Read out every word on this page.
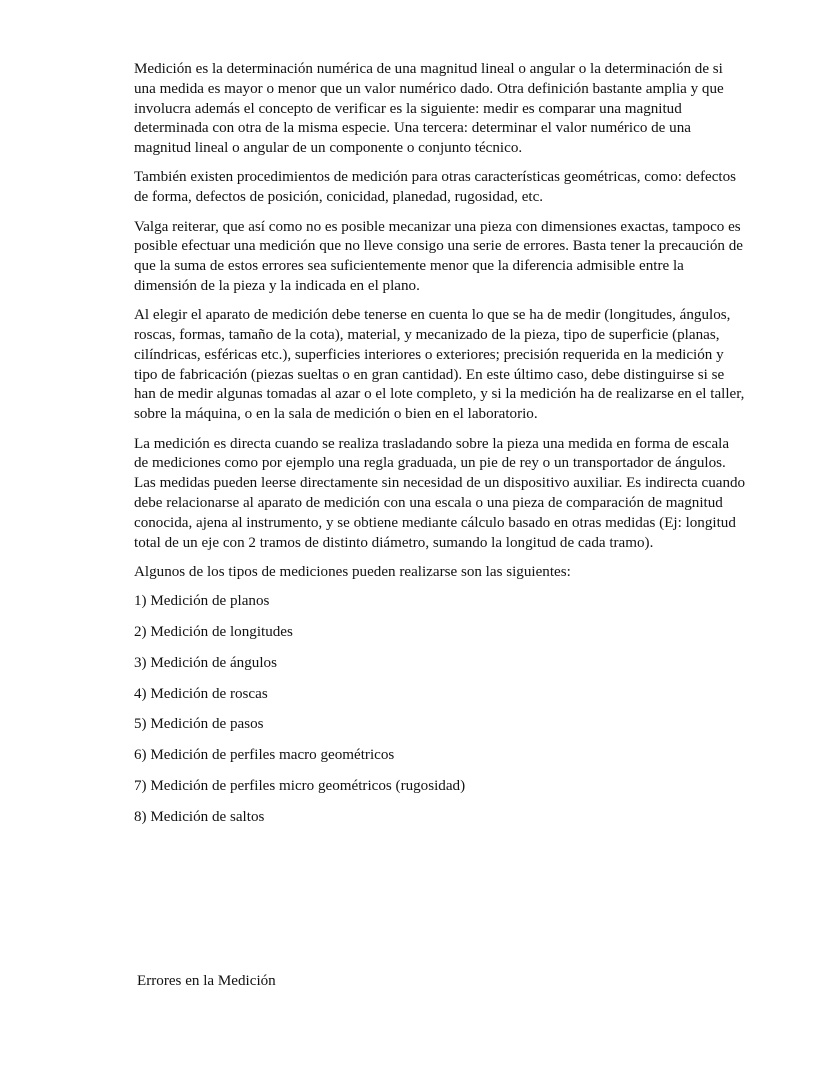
Medición es la determinación numérica de una magnitud lineal o angular o la determinación de si una medida es mayor o menor que un valor numérico dado. Otra definición bastante amplia y que involucra además el concepto de verificar es la siguiente: medir es comparar una magnitud determinada con otra de la misma especie. Una tercera: determinar el valor numérico de una magnitud lineal o angular de un componente o conjunto técnico.

También existen procedimientos de medición para otras características geométricas, como: defectos de forma, defectos de posición, conicidad, planedad, rugosidad, etc.

Valga reiterar, que así como no es posible mecanizar una pieza con dimensiones exactas, tampoco es posible efectuar una medición que no lleve consigo una serie de errores. Basta tener la precaución de que la suma de estos errores sea suficientemente menor que la diferencia admisible entre la dimensión de la pieza y la indicada en el plano.

Al elegir el aparato de medición debe tenerse en cuenta lo que se ha de medir (longitudes, ángulos, roscas, formas, tamaño de la cota), material, y mecanizado de la pieza, tipo de superficie (planas, cilíndricas, esféricas etc.), superficies interiores o exteriores; precisión requerida en la medición y tipo de fabricación (piezas sueltas o en gran cantidad). En este último caso, debe distinguirse si se han de medir algunas tomadas al azar o el lote completo, y si la medición ha de realizarse en el taller, sobre la máquina, o en la sala de medición o bien en el laboratorio.

La medición es directa cuando se realiza trasladando sobre la pieza una medida en forma de escala de mediciones como por ejemplo una regla graduada, un pie de rey o un transportador de ángulos. Las medidas pueden leerse directamente sin necesidad de un dispositivo auxiliar. Es indirecta cuando debe relacionarse al aparato de medición con una escala o una pieza de comparación de magnitud conocida, ajena al instrumento, y se obtiene mediante cálculo basado en otras medidas (Ej: longitud total de un eje con 2 tramos de distinto diámetro, sumando la longitud de cada tramo).

Algunos de los tipos de mediciones pueden realizarse son las siguientes:

1) Medición de planos
2) Medición de longitudes
3) Medición de ángulos
4) Medición de roscas
5) Medición de pasos
6) Medición de perfiles macro geométricos
7) Medición de perfiles micro geométricos (rugosidad)
8) Medición de saltos
Errores en la Medición
